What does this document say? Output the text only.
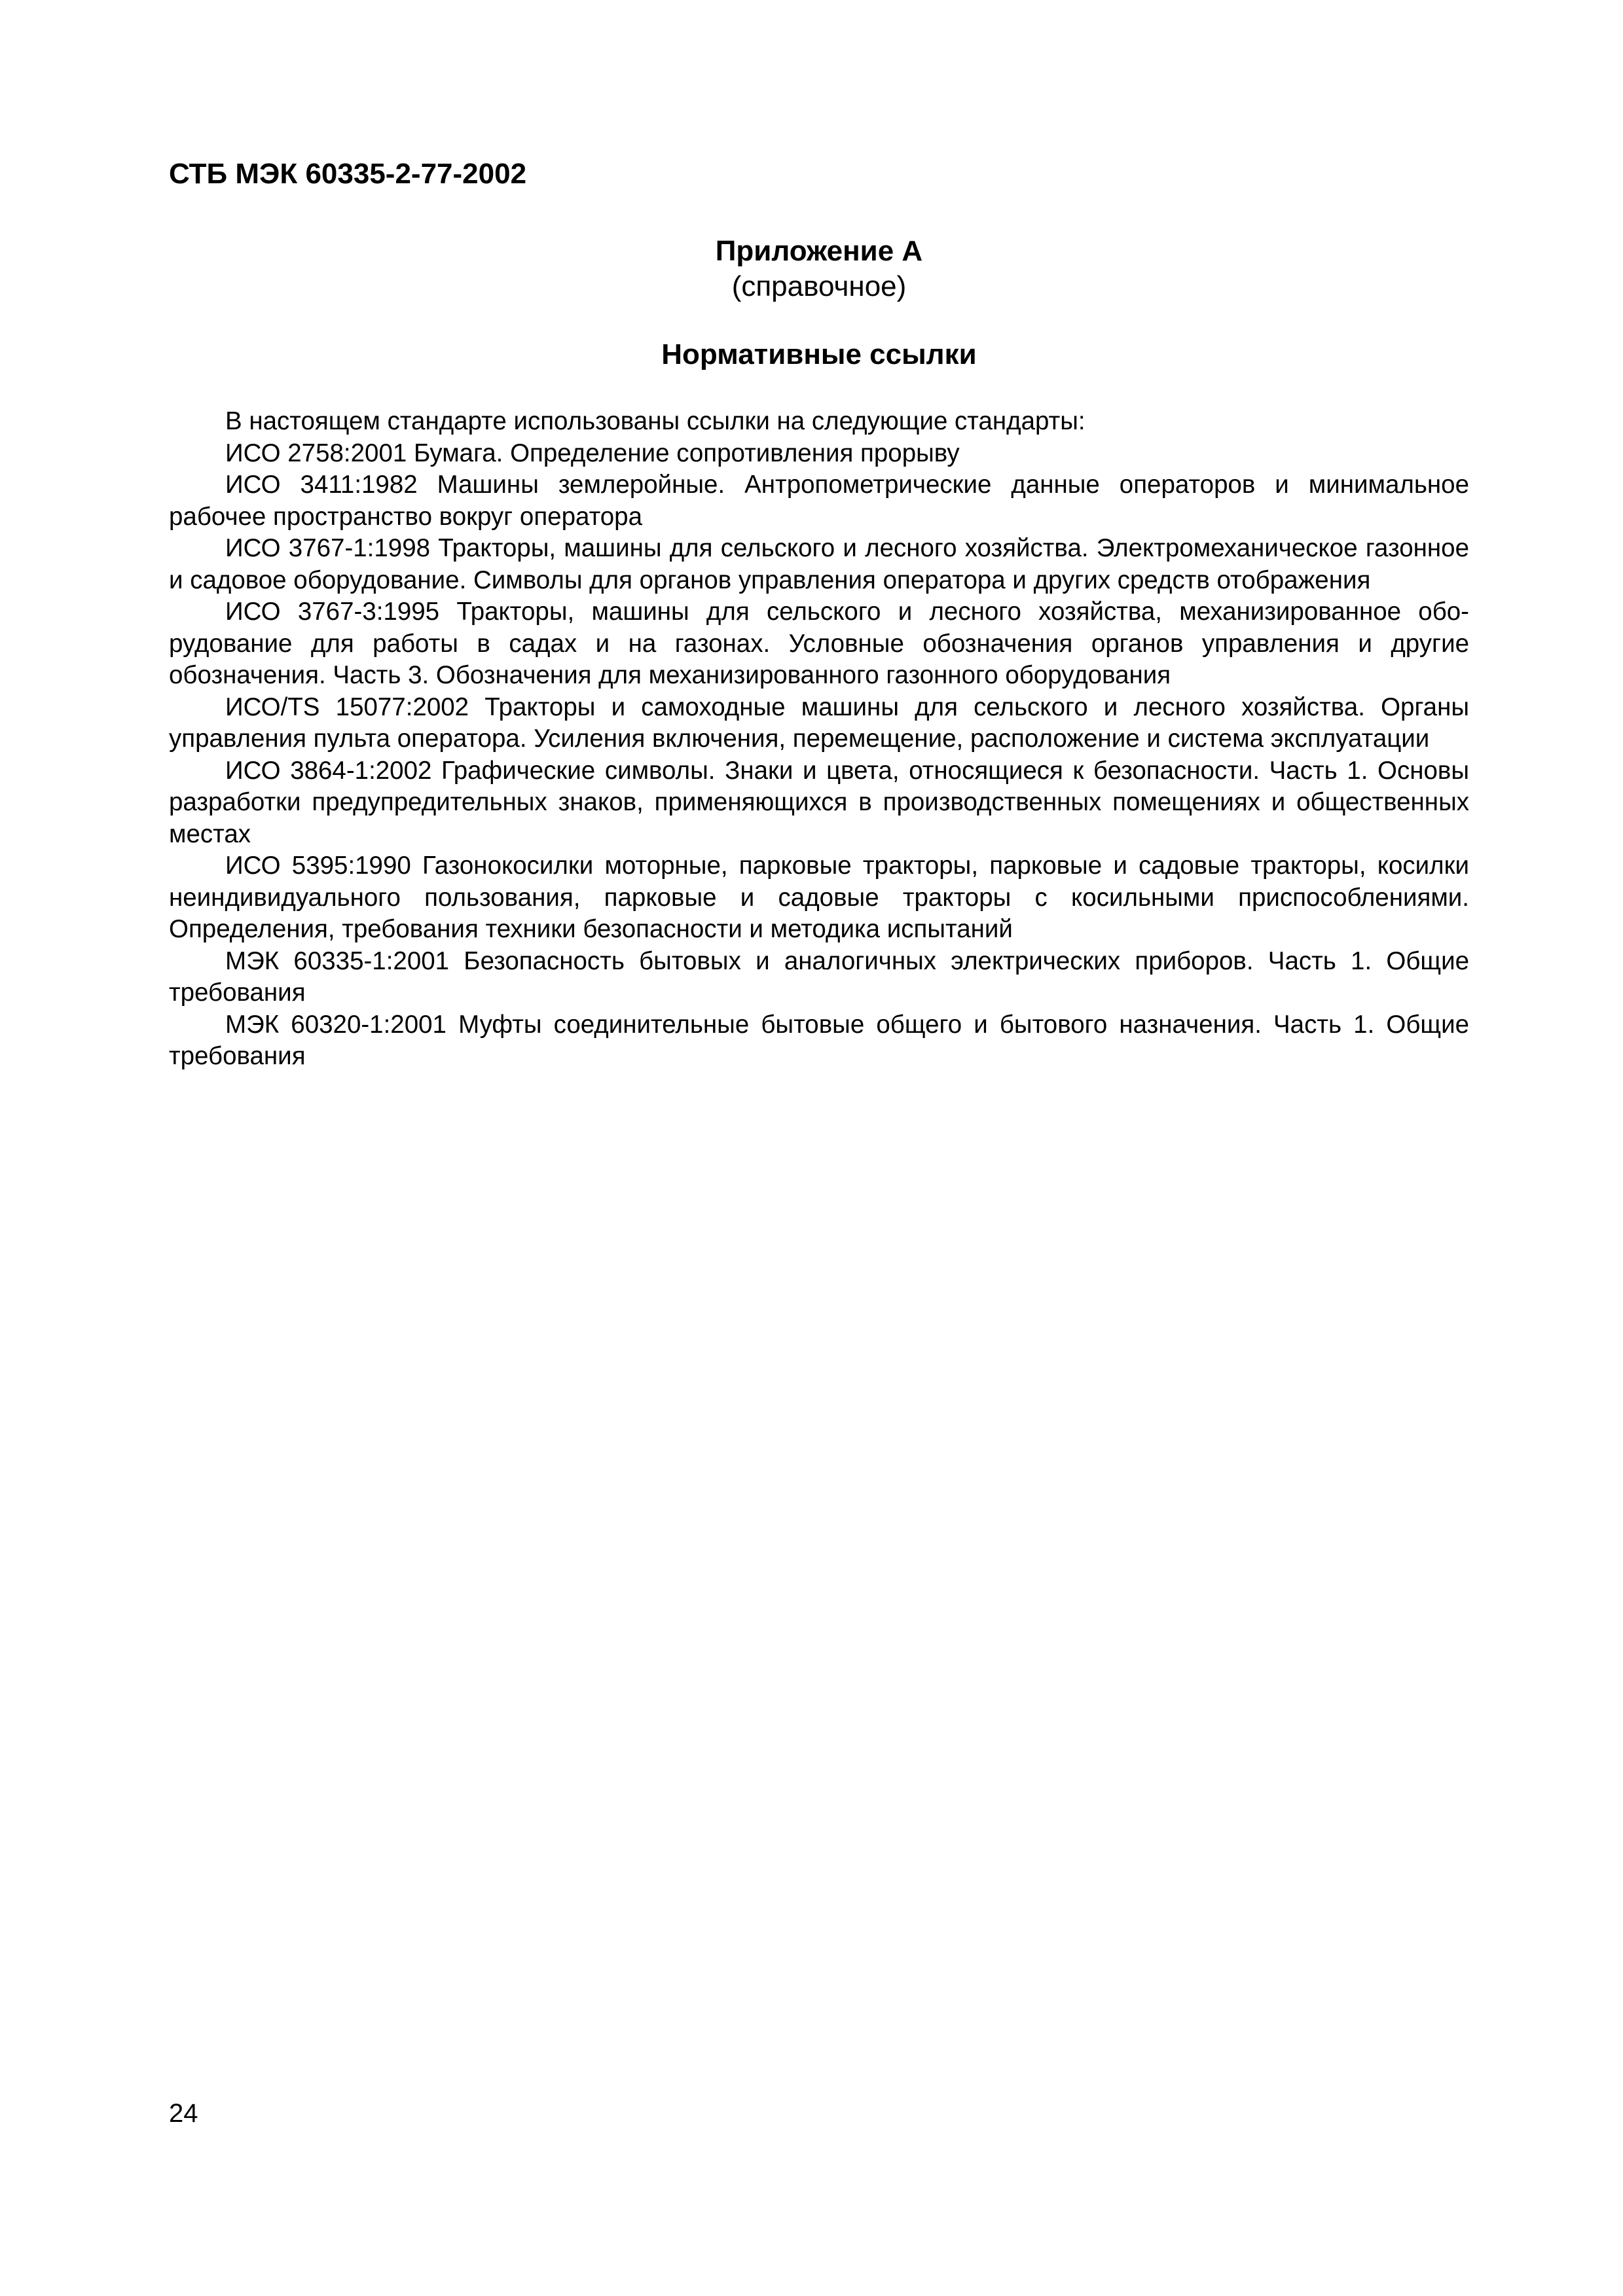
СТБ МЭК 60335-2-77-2002
Приложение А
(справочное)
Нормативные ссылки

В настоящем стандарте использованы ссылки на следующие стандарты:

ИСО 2758:2001 Бумага. Определение сопротивления прорыву

ИСО 3411:1982 Машины землеройные. Антропометрические данные операторов и минимальное рабочее пространство вокруг оператора

ИСО 3767-1:1998 Тракторы, машины для сельского и лесного хозяйства. Электромеханическое газонное и садовое оборудование. Символы для органов управления оператора и других средств отображения

ИСО 3767-3:1995 Тракторы, машины для сельского и лесного хозяйства, механизированное оборудование для работы в садах и на газонах. Условные обозначения органов управления и другие обозначения. Часть 3. Обозначения для механизированного газонного оборудования

ИСО/TS 15077:2002 Тракторы и самоходные машины для сельского и лесного хозяйства. Органы управления пульта оператора. Усиления включения, перемещение, расположение и система эксплуатации

ИСО 3864-1:2002 Графические символы. Знаки и цвета, относящиеся к безопасности. Часть 1. Основы разработки предупредительных знаков, применяющихся в производственных помещениях и общественных местах

ИСО 5395:1990 Газонокосилки моторные, парковые тракторы, парковые и садовые тракторы, косилки неиндивидуального пользования, парковые и садовые тракторы с косильными приспособлениями. Определения, требования техники безопасности и методика испытаний

МЭК 60335-1:2001 Безопасность бытовых и аналогичных электрических приборов. Часть 1. Общие требования

МЭК 60320-1:2001 Муфты соединительные бытовые общего и бытового назначения. Часть 1. Общие требования

24
